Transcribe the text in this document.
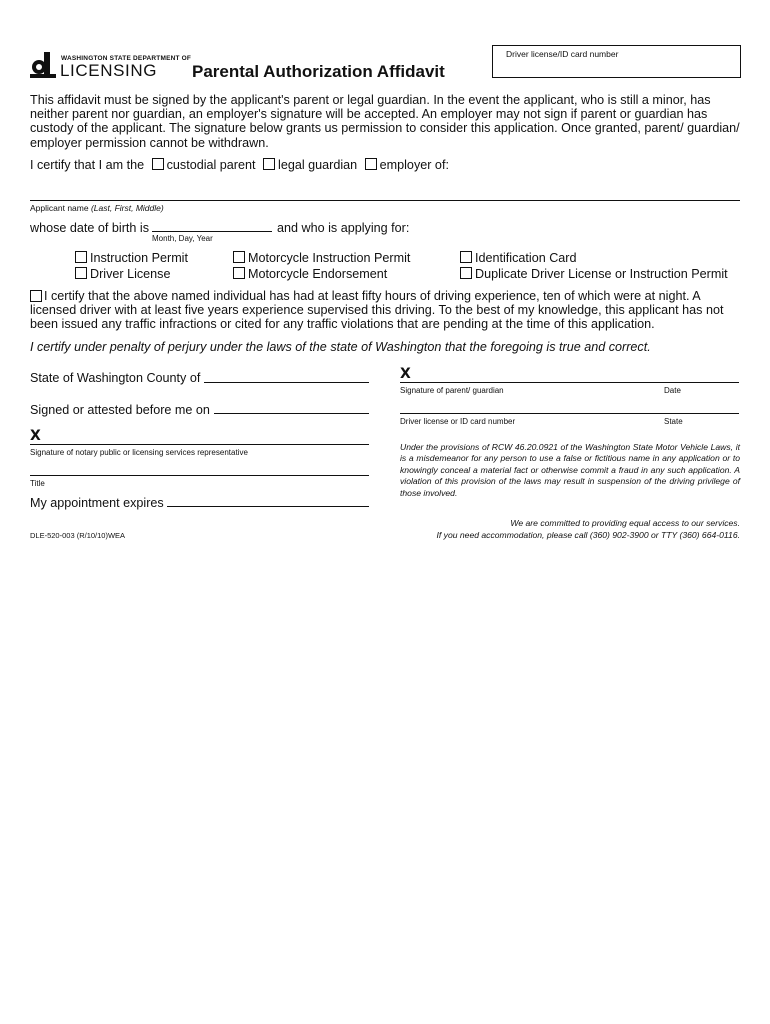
WASHINGTON STATE DEPARTMENT OF
LICENSING Parental Authorization Affidavit
Driver license/ID card number
This affidavit must be signed by the applicant's parent or legal guardian. In the event the applicant, who is still a minor, has neither parent nor guardian, an employer's signature will be accepted. An employer may not sign if parent or guardian has custody of the applicant. The signature below grants us permission to consider this application. Once granted, parent/ guardian/ employer permission cannot be withdrawn.
I certify that I am the custodial parent legal guardian employer of:
Applicant name (Last, First, Middle)
whose date of birth is	and who is applying for:
Month, Day, Year
Instruction Permit
Driver License
Motorcycle Instruction Permit
Motorcycle Endorsement
Identification Card
Duplicate Driver License or Instruction Permit
I certify that the above named individual has had at least fifty hours of driving experience, ten of which were at night. A licensed driver with at least five years experience supervised this driving. To the best of my knowledge, this applicant has not been issued any traffic infractions or cited for any traffic violations that are pending at the time of this application.
I certify under penalty of perjury under the laws of the state of Washington that the foregoing is true and correct.
State of Washington County of
Signed or attested before me on
X
Signature of notary public or licensing services representative
Title
My appointment expires
DLE-520-003 (R/10/10)WEA
X
Signature of parent/ guardian	Date
Driver license or ID card number	State
Under the provisions of RCW 46.20.0921 of the Washington State Motor Vehicle Laws, it is a misdemeanor for any person to use a false or fictitious name in any application or to knowingly conceal a material fact or otherwise commit a fraud in any such application. A violation of this provision of the laws may result in suspension of the driving privilege of those involved.
We are committed to providing equal access to our services.
If you need accommodation, please call (360) 902-3900 or TTY (360) 664-0116.
